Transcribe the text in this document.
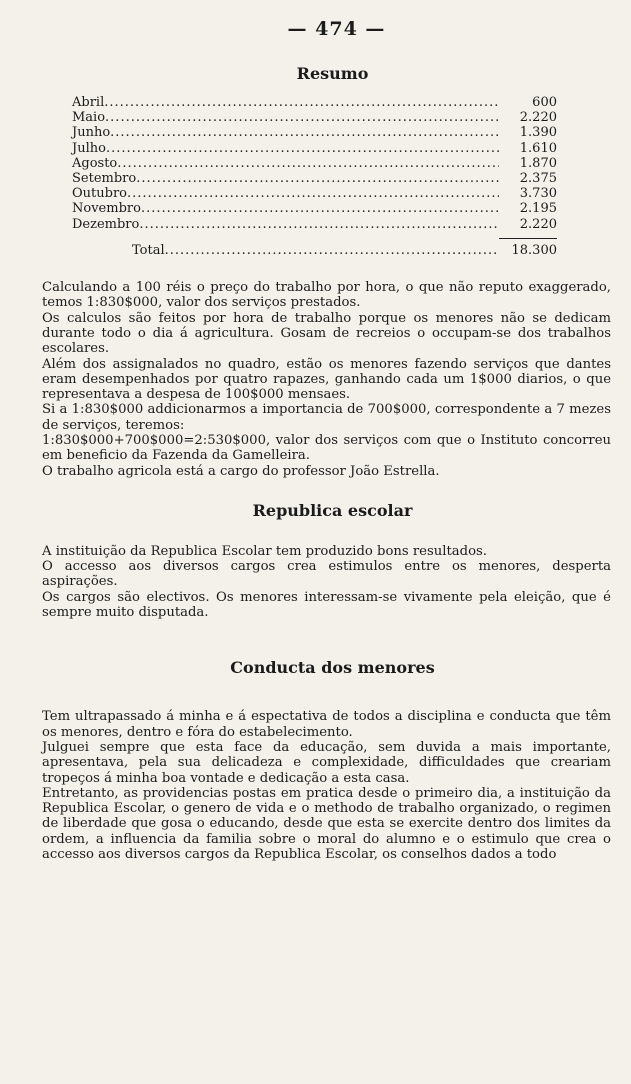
— 474 —
Resumo
Abril .....	600
Maio .....	2.220
Junho .....	1.390
Julho .....	1.610
Agosto .....	1.870
Setembro .....	2.375
Outubro .....	3.730
Novembro .....	2.195
Dezembro .....	2.220
Total .....	18.300

Calculando a 100 réis o preço do trabalho por hora, o que não reputo exaggerado, temos 1:830$000, valor dos serviços prestados.

Os calculos são feitos por hora de trabalho porque os menores não se dedicam durante todo o dia á agricultura. Gosam de recreios o occupam-se dos trabalhos escolares.

Além dos assignalados no quadro, estão os menores fazendo serviços que dantes eram desempenhados por quatro rapazes, ganhando cada um 1$000 diarios, o que representava a despesa de 100$000 mensaes.

Si a 1:830$000 addicionarmos a importancia de 700$000, correspondente a 7 mezes de serviços, teremos:

1:830$000+700$000=2:530$000, valor dos serviços com que o Instituto concorreu em beneficio da Fazenda da Gamelleira.

O trabalho agricola está a cargo do professor João Estrella.

Republica escolar

A instituição da Republica Escolar tem produzido bons resultados.

O accesso aos diversos cargos crea estimulos entre os menores, desperta aspirações.

Os cargos são electivos. Os menores interessam-se vivamente pela eleição, que é sempre muito disputada.

Conducta dos menores

Tem ultrapassado á minha e á espectativa de todos a disciplina e conducta que têm os menores, dentro e fóra do estabelecimento.

Julguei sempre que esta face da educação, sem duvida a mais importante, apresentava, pela sua delicadeza e complexidade, difficuldades que creariam tropeços á minha boa vontade e dedicação a esta casa.

Entretanto, as providencias postas em pratica desde o primeiro dia, a instituição da Republica Escolar, o genero de vida e o methodo de trabalho organizado, o regimen de liberdade que gosa o educando, desde que esta se exercite dentro dos limites da ordem, a influencia da familia sobre o moral do alumno e o estimulo que crea o accesso aos diversos cargos da Republica Escolar, os conselhos dados a todo
